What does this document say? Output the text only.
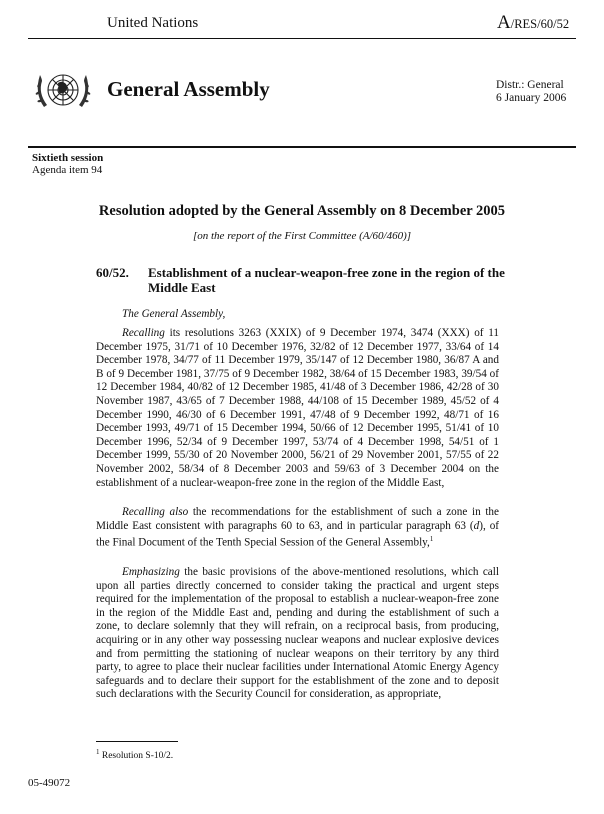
United Nations	A/RES/60/52
General Assembly	Distr.: General
6 January 2006
Sixtieth session
Agenda item 94
Resolution adopted by the General Assembly on 8 December 2005
[on the report of the First Committee (A/60/460)]
60/52. Establishment of a nuclear-weapon-free zone in the region of the Middle East
The General Assembly,
Recalling its resolutions 3263 (XXIX) of 9 December 1974, 3474 (XXX) of 11 December 1975, 31/71 of 10 December 1976, 32/82 of 12 December 1977, 33/64 of 14 December 1978, 34/77 of 11 December 1979, 35/147 of 12 December 1980, 36/87 A and B of 9 December 1981, 37/75 of 9 December 1982, 38/64 of 15 December 1983, 39/54 of 12 December 1984, 40/82 of 12 December 1985, 41/48 of 3 December 1986, 42/28 of 30 November 1987, 43/65 of 7 December 1988, 44/108 of 15 December 1989, 45/52 of 4 December 1990, 46/30 of 6 December 1991, 47/48 of 9 December 1992, 48/71 of 16 December 1993, 49/71 of 15 December 1994, 50/66 of 12 December 1995, 51/41 of 10 December 1996, 52/34 of 9 December 1997, 53/74 of 4 December 1998, 54/51 of 1 December 1999, 55/30 of 20 November 2000, 56/21 of 29 November 2001, 57/55 of 22 November 2002, 58/34 of 8 December 2003 and 59/63 of 3 December 2004 on the establishment of a nuclear-weapon-free zone in the region of the Middle East,
Recalling also the recommendations for the establishment of such a zone in the Middle East consistent with paragraphs 60 to 63, and in particular paragraph 63 (d), of the Final Document of the Tenth Special Session of the General Assembly,$^1$
Emphasizing the basic provisions of the above-mentioned resolutions, which call upon all parties directly concerned to consider taking the practical and urgent steps required for the implementation of the proposal to establish a nuclear-weapon-free zone in the region of the Middle East and, pending and during the establishment of such a zone, to declare solemnly that they will refrain, on a reciprocal basis, from producing, acquiring or in any other way possessing nuclear weapons and nuclear explosive devices and from permitting the stationing of nuclear weapons on their territory by any third party, to agree to place their nuclear facilities under International Atomic Energy Agency safeguards and to declare their support for the establishment of the zone and to deposit such declarations with the Security Council for consideration, as appropriate,
$^1$ Resolution S-10/2.
05-49072
